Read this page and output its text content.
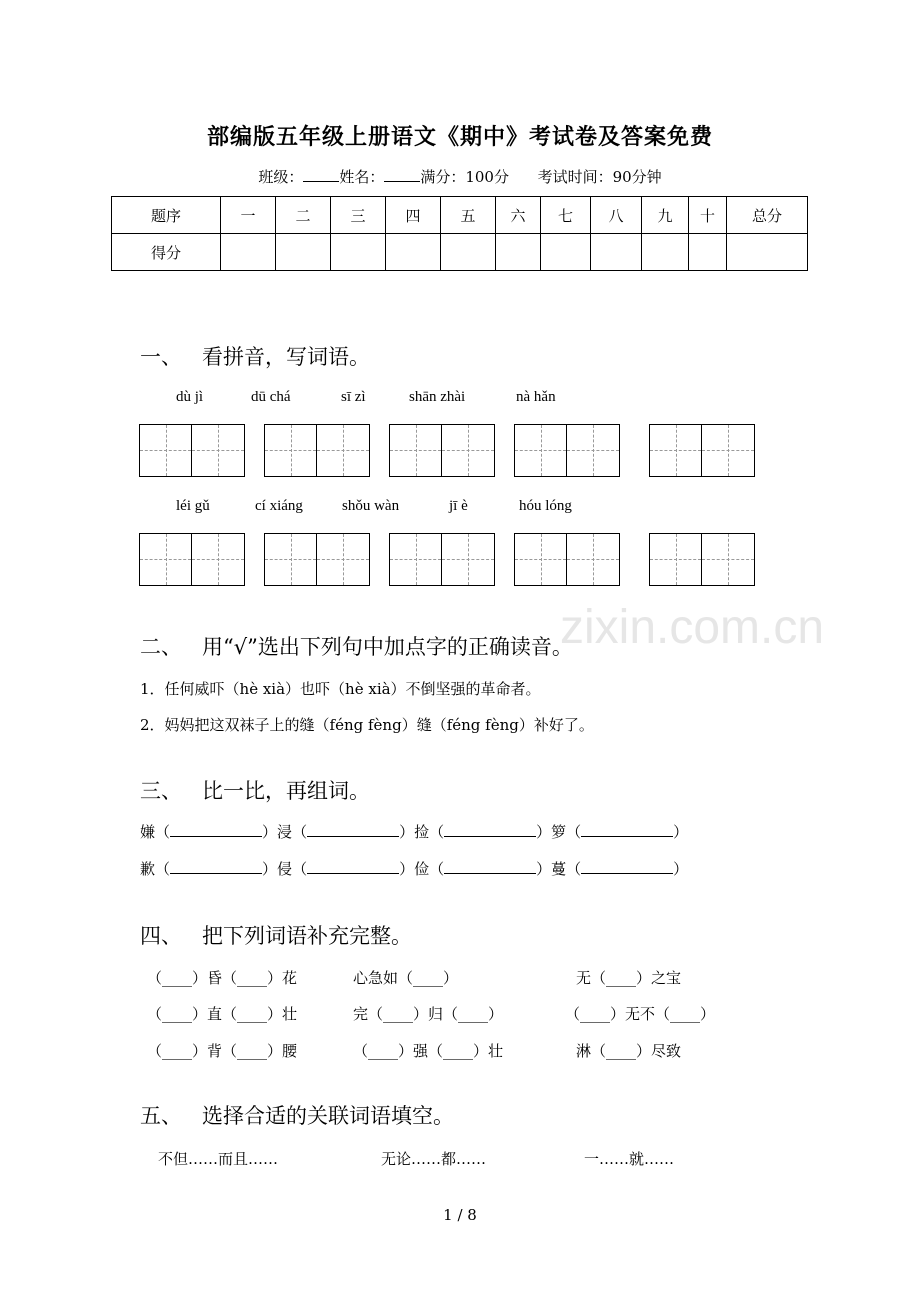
部编版五年级上册语文《期中》考试卷及答案免费
班级： 姓名： 满分：100分 考试时间：90分钟
题序	一	二	三	四	五	六	七	八	九	十	总分
得分											
一、 看拼音，写词语。
dù jì	dū chá	sī zì	shān zhài	nà hǎn
léi gǔ	cí xiáng	shǒu wàn	jī è	hóu lóng
zixin.com.cn
二、 用“√”选出下列句中加点字的正确读音。
1．任何威吓（hè xià）也吓（hè xià）不倒坚强的革命者。
2．妈妈把这双袜子上的缝（féng fèng）缝（féng fèng）补好了。
三、 比一比，再组词。
嫌（	）浸（	）捡（	）箩（	）
歉（	）侵（	）俭（	）蔓（	）
四、 把下列词语补充完整。
（____）昏（____）花	心急如（____）	无（____）之宝
（____）直（____）壮	完（____）归（____）	（____）无不（____）
（____）背（____）腰	（____）强（____）壮	淋（____）尽致
五、 选择合适的关联词语填空。
不但……而且……	无论……都……	一……就……
1 / 8
